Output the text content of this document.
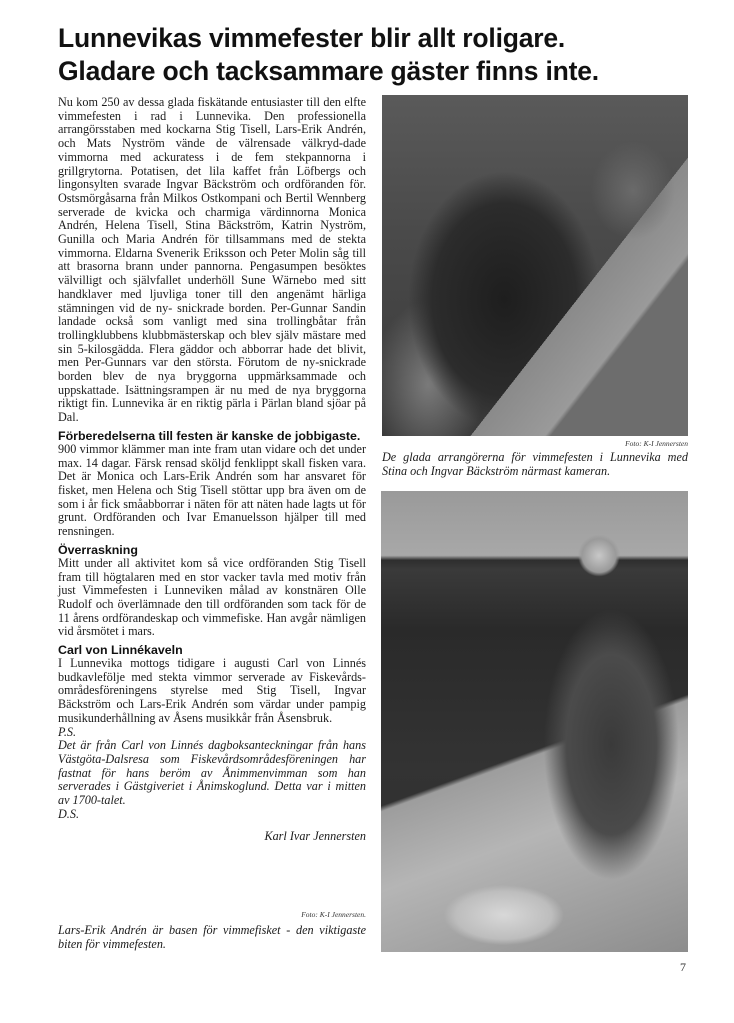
Lunnevikas vimmefester blir allt roligare.
Gladare och tacksammare gäster finns inte.

Nu kom 250 av dessa glada fiskätande entusiaster till den elfte vimmefesten i rad i Lunnevika. Den professionella arrangörsstaben med kockarna Stig Tisell, Lars-Erik Andrén, och Mats Nyström vände de välrensade välkryd-dade vimmorna med ackuratess i de fem stekpannorna i grillgrytorna. Potatisen, det lila kaffet från Löfbergs och lingonsylten svarade Ingvar Bäckström och ordföranden för. Ostsmörgåsarna från Milkos Ostkompani och Bertil Wennberg serverade de kvicka och charmiga värdinnorna Monica Andrén, Helena Tisell, Stina Bäckström, Katrin Nyström, Gunilla och Maria Andrén för tillsammans med de stekta vimmorna. Eldarna Svenerik Eriksson och Peter Molin såg till att brasorna brann under pannorna. Pengasumpen besöktes välvilligt och självfallet underhöll Sune Wärnebo med sitt handklaver med ljuvliga toner till den angenämt härliga stämningen vid de ny- snickrade borden. Per-Gunnar Sandin landade också som vanligt med sina trollingbåtar från trollingklubbens klubbmästerskap och blev själv mästare med sin 5-kilosgädda. Flera gäddor och abborrar hade det blivit, men Per-Gunnars var den största. Förutom de ny-snickrade borden blev de nya bryggorna uppmärksammade och uppskattade. Isättningsrampen är nu med de nya bryggorna riktigt fin. Lunnevika är en riktig pärla i Pärlan bland sjöar på Dal.

Förberedelserna till festen är kanske de jobbigaste.

900 vimmor klämmer man inte fram utan vidare och det under max. 14 dagar. Färsk rensad sköljd fenklippt skall fisken vara. Det är Monica och Lars-Erik Andrén som har ansvaret för fisket, men Helena och Stig Tisell stöttar upp bra även om de som i år fick småabborrar i näten för att näten hade lagts ut för grunt. Ordföranden och Ivar Emanuelsson hjälper till med rensningen.

Överraskning

Mitt under all aktivitet kom så vice ordföranden Stig Tisell fram till högtalaren med en stor vacker tavla med motiv från just Vimmefesten i Lunneviken målad av konstnären Olle Rudolf och överlämnade den till ordföranden som tack för de 11 årens ordförandeskap och vimmefiske. Han avgår nämligen vid årsmötet i mars.

Carl von Linnékaveln

I Lunnevika mottogs tidigare i augusti Carl von Linnés budkavlefölje med stekta vimmor serverade av Fiskevårds-områdesföreningens styrelse med Stig Tisell, Ingvar Bäckström och Lars-Erik Andrén som värdar under pampig musikunderhållning av Åsens musikkår från Åsensbruk.

P.S.

Det är från Carl von Linnés dagboksanteckningar från hans Västgöta-Dalsresa som Fiskevårdsområdesföreningen har fastnat för hans beröm av Ånimmenvimman som han serverades i Gästgiveriet i Ånimskoglund. Detta var i mitten av 1700-talet.

D.S.

Karl Ivar Jennersten

Foto: K-I Jennersten.
Lars-Erik Andrén är basen för vimmefisket - den viktigaste biten för vimmefesten.
Foto: K-I Jennersten
De glada arrangörerna för vimmefesten i Lunnevika med Stina och Ingvar Bäckström närmast kameran.
7
